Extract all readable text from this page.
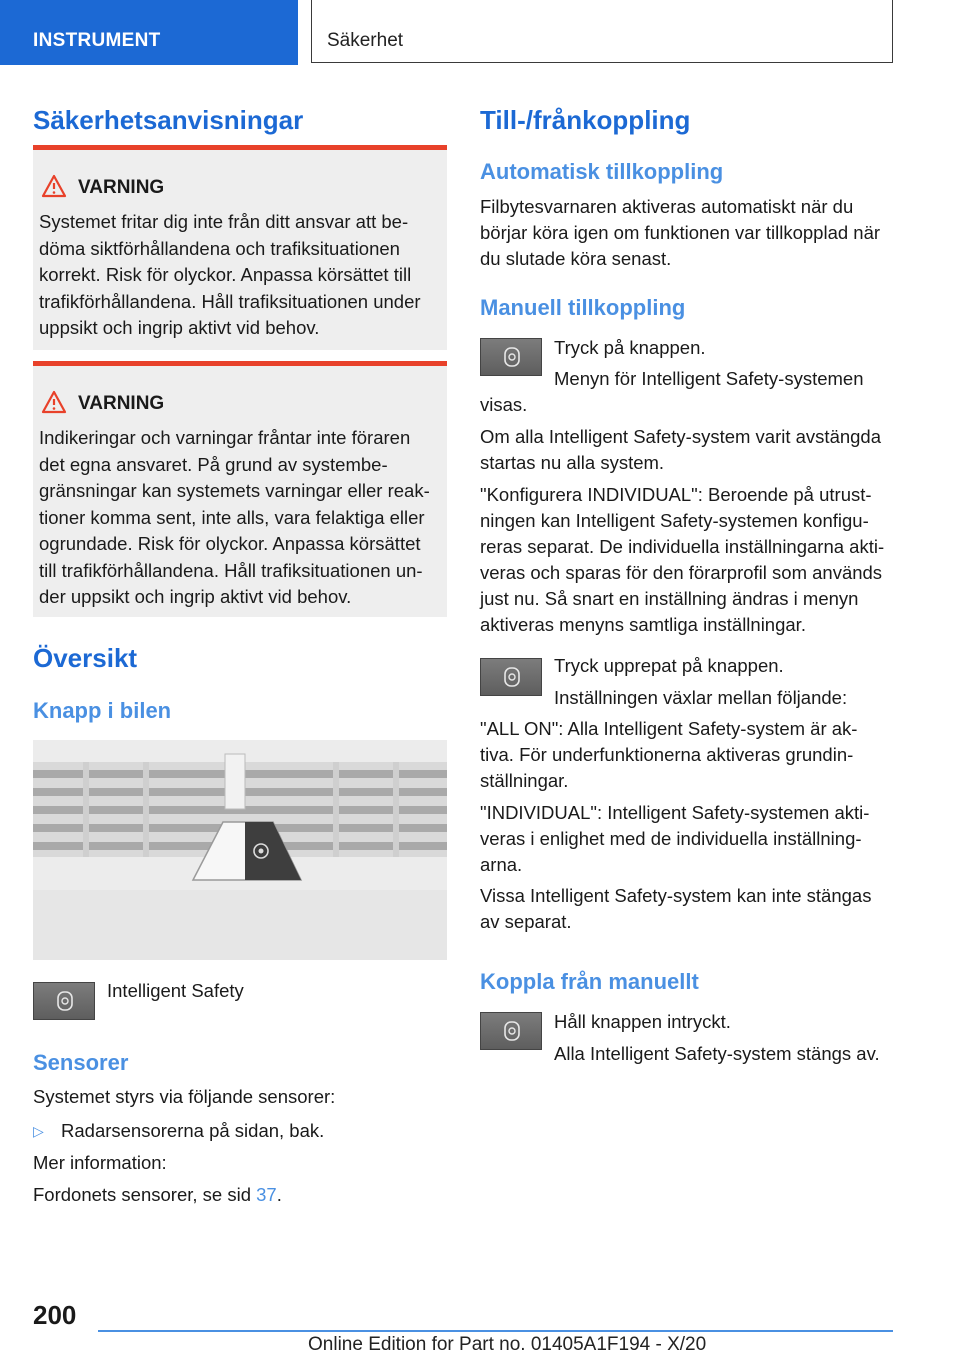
INSTRUMENT	Säkerhet
Säkerhetsanvisningar
VARNING
Systemet fritar dig inte från ditt ansvar att be-
döma siktförhållandena och trafiksituationen
korrekt. Risk för olyckor. Anpassa körsättet till
trafikförhållandena. Håll trafiksituationen under
uppsikt och ingrip aktivt vid behov.
VARNING
Indikeringar och varningar fråntar inte föraren
det egna ansvaret. På grund av systembe-
gränsningar kan systemets varningar eller reak-
tioner komma sent, inte alls, vara felaktiga eller
ogrundade. Risk för olyckor. Anpassa körsättet
till trafikförhållandena. Håll trafiksituationen un-
der uppsikt och ingrip aktivt vid behov.
Översikt
Knapp i bilen

Intelligent Safety

Sensorer

Systemet styrs via följande sensorer:

▷ Radarsensorerna på sidan, bak.

Mer information:

Fordonets sensorer, se sid 37.

Till-/frånkoppling
Automatisk tillkoppling

Filbytesvarnaren aktiveras automatiskt när du

börjar köra igen om funktionen var tillkopplad när

du slutade köra senast.

Manuell tillkoppling

Tryck på knappen.

Menyn för Intelligent Safety-systemen

visas.

Om alla Intelligent Safety-system varit avstängda

startas nu alla system.

"Konfigurera INDIVIDUAL": Beroende på utrust-

ningen kan Intelligent Safety-systemen konfigu-

reras separat. De individuella inställningarna akti-

veras och sparas för den förarprofil som används

just nu. Så snart en inställning ändras i menyn

aktiveras menyns samtliga inställningar.

Tryck upprepat på knappen.

Inställningen växlar mellan följande:

"ALL ON": Alla Intelligent Safety-system är ak-

tiva. För underfunktionerna aktiveras grundin-

ställningar.

"INDIVIDUAL": Intelligent Safety-systemen akti-

veras i enlighet med de individuella inställning-

arna.

Vissa Intelligent Safety-system kan inte stängas

av separat.

Koppla från manuellt

Håll knappen intryckt.

Alla Intelligent Safety-system stängs av.

200
Online Edition for Part no. 01405A1F194 - X/20
